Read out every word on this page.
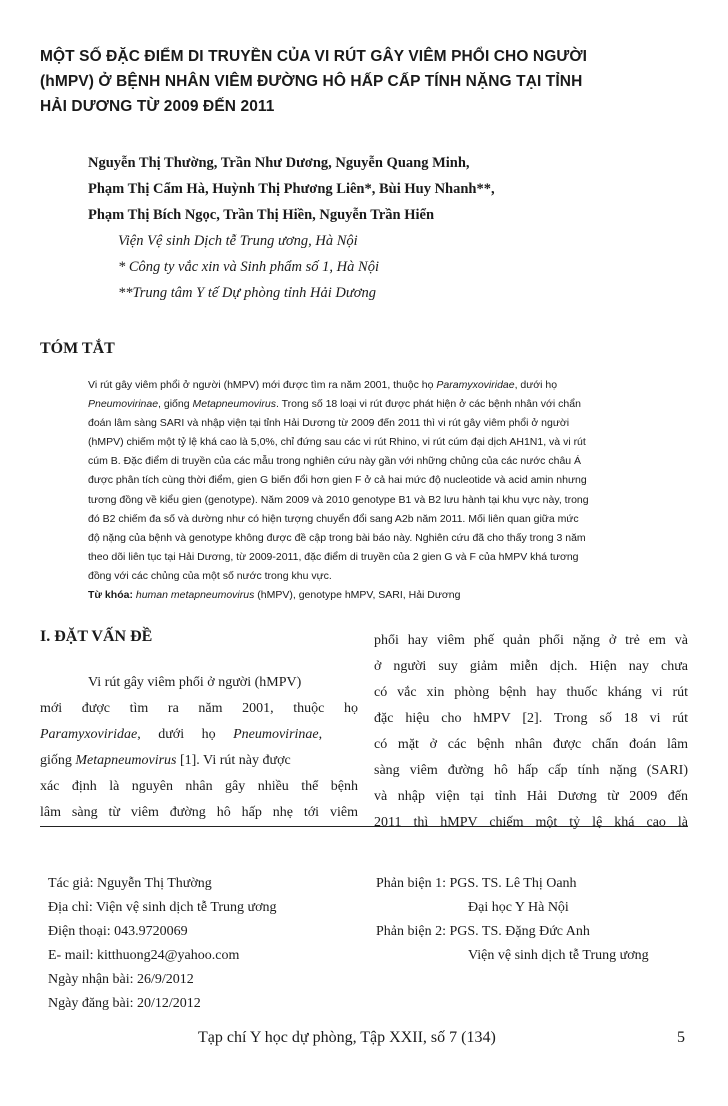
MỘT SỐ ĐẶC ĐIỂM DI TRUYỀN CỦA VI RÚT GÂY VIÊM PHỔI CHO NGƯỜI
(hMPV) Ở BỆNH NHÂN VIÊM ĐƯỜNG HÔ HẤP CẤP TÍNH NẶNG TẠI TỈNH
HẢI DƯƠNG TỪ 2009 ĐẾN 2011
Nguyễn Thị Thường, Trần Như Dương, Nguyễn Quang Minh,
Phạm Thị Cẩm Hà, Huỳnh Thị Phương Liên*, Bùi Huy Nhanh**,
Phạm Thị Bích Ngọc, Trần Thị Hiền, Nguyễn Trần Hiển
Viện Vệ sinh Dịch tễ Trung ương, Hà Nội
* Công ty vắc xin và Sinh phẩm số 1, Hà Nội
**Trung tâm Y tế Dự phòng tỉnh Hải Dương
TÓM TẮT
Vi rút gây viêm phổi ở người (hMPV) mới được tìm ra năm 2001, thuộc họ Paramyxoviridae, dưới họ
Pneumovirinae, giống Metapneumovirus. Trong số 18 loại vi rút được phát hiện ở các bệnh nhân với chẩn
đoán lâm sàng SARI và nhập viện tại tỉnh Hải Dương từ 2009 đến 2011 thì vi rút gây viêm phổi ở người
(hMPV) chiếm một tỷ lệ khá cao là 5,0%, chỉ đứng sau các vi rút Rhino, vi rút cúm đại dịch AH1N1, và vi rút
cúm B. Đặc điểm di truyền của các mẫu trong nghiên cứu này gần với những chủng của các nước châu Á
được phân tích cùng thời điểm, gien G biến đổi hơn gien F ở cả hai mức độ nucleotide và acid amin nhưng
tương đồng về kiểu gien (genotype). Năm 2009 và 2010 genotype B1 và B2 lưu hành tại khu vực này, trong
đó B2 chiếm đa số và dường như có hiện tượng chuyển đổi sang A2b năm 2011. Mối liên quan giữa mức
độ nặng của bệnh và genotype không được đề cập trong bài báo này. Nghiên cứu đã cho thấy trong 3 năm
theo dõi liên tục tại Hải Dương, từ 2009-2011, đặc điểm di truyền của 2 gien G và F của hMPV khá tương
đồng với các chủng của một số nước trong khu vực.
Từ khóa: human metapneumovirus (hMPV), genotype hMPV, SARI, Hải Dương
I. ĐẶT VẤN ĐỀ
Vi rút gây viêm phổi ở người (hMPV)
mới được tìm ra năm 2001, thuộc họ
Paramyxoviridae, dưới họ Pneumovirinae,
giống Metapneumovirus [1]. Vi rút này được
xác định là nguyên nhân gây nhiều thể bệnh
lâm sàng từ viêm đường hô hấp nhẹ tới viêm
phổi hay viêm phế quản phổi nặng ở trẻ em và
ở người suy giảm miễn dịch. Hiện nay chưa
có vắc xin phòng bệnh hay thuốc kháng vi rút
đặc hiệu cho hMPV [2]. Trong số 18 vi rút
có mặt ở các bệnh nhân được chẩn đoán lâm
sàng viêm đường hô hấp cấp tính nặng (SARI)
và nhập viện tại tỉnh Hải Dương từ 2009 đến
2011 thì hMPV chiếm một tỷ lệ khá cao là
Tác giả: Nguyễn Thị Thường
Địa chỉ: Viện vệ sinh dịch tễ Trung ương
Điện thoại: 043.9720069
E- mail: kitthuong24@yahoo.com
Ngày nhận bài: 26/9/2012
Ngày đăng bài: 20/12/2012
Phản biện 1: PGS. TS. Lê Thị Oanh
Đại học Y Hà Nội
Phản biện 2: PGS. TS. Đặng Đức Anh
Viện vệ sinh dịch tễ Trung ương
Tạp chí Y học dự phòng, Tập XXII, số 7 (134)	5
